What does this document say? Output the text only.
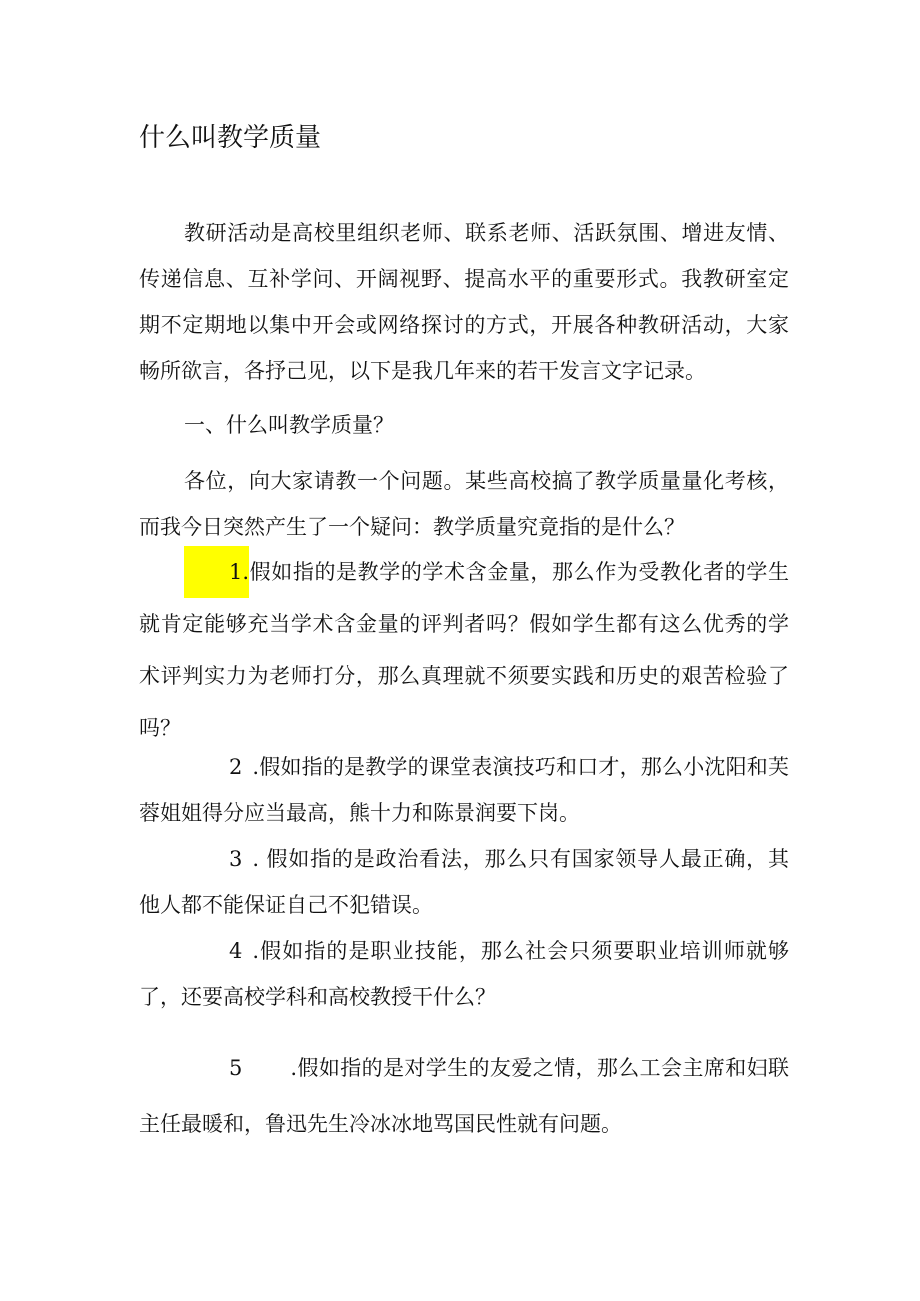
什么叫教学质量

教研活动是高校里组织老师、联系老师、活跃氛围、增进友情、传递信息、互补学问、开阔视野、提高水平的重要形式。我教研室定期不定期地以集中开会或网络探讨的方式，开展各种教研活动，大家畅所欲言，各抒己见，以下是我几年来的若干发言文字记录。

一、什么叫教学质量？

各位，向大家请教一个问题。某些高校搞了教学质量量化考核，而我今日突然产生了一个疑问：教学质量究竟指的是什么？

1.假如指的是教学的学术含金量，那么作为受教化者的学生就肯定能够充当学术含金量的评判者吗？假如学生都有这么优秀的学术评判实力为老师打分，那么真理就不须要实践和历史的艰苦检验了吗？

2 .假如指的是教学的课堂表演技巧和口才，那么小沈阳和芙蓉姐姐得分应当最高，熊十力和陈景润要下岗。

3 . 假如指的是政治看法，那么只有国家领导人最正确，其他人都不能保证自己不犯错误。

4 .假如指的是职业技能，那么社会只须要职业培训师就够了，还要高校学科和高校教授干什么？

5 .假如指的是对学生的友爱之情，那么工会主席和妇联主任最暖和，鲁迅先生冷冰冰地骂国民性就有问题。
